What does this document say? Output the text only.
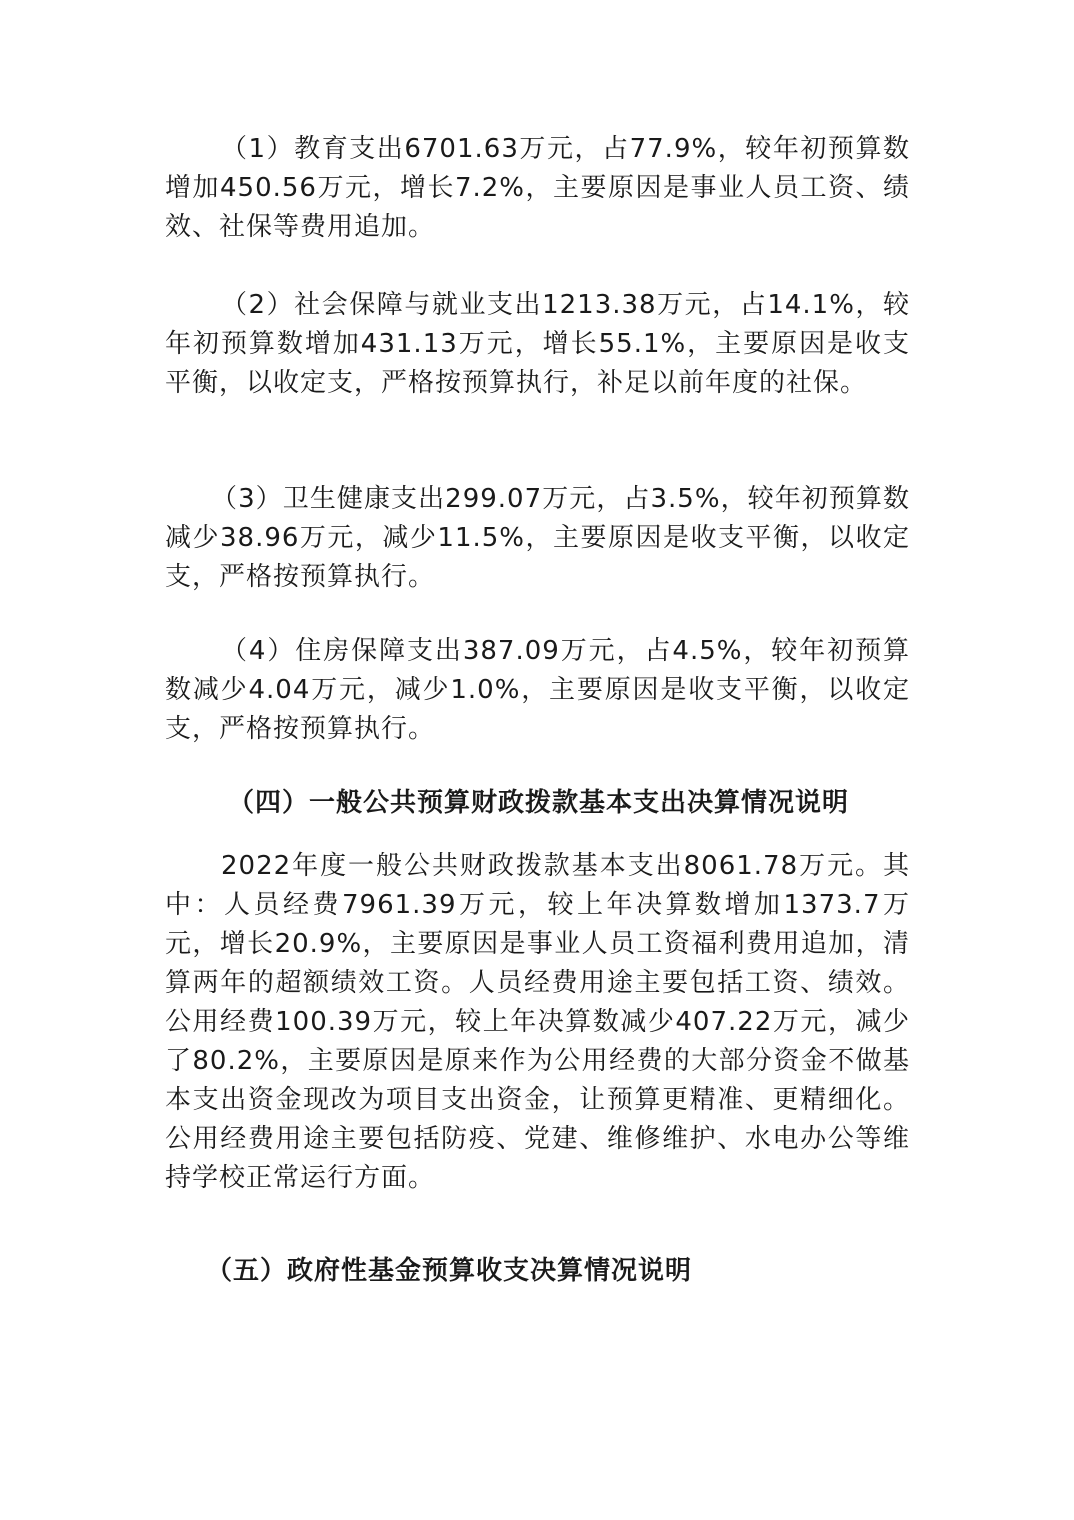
（1）教育支出6701.63万元，占77.9%，较年初预算数增加450.56万元，增长7.2%，主要原因是事业人员工资、绩效、社保等费用追加。

（2）社会保障与就业支出1213.38万元，占14.1%，较年初预算数增加431.13万元，增长55.1%，主要原因是收支平衡，以收定支，严格按预算执行，补足以前年度的社保。

（3）卫生健康支出299.07万元，占3.5%，较年初预算数减少38.96万元，减少11.5%，主要原因是收支平衡，以收定支，严格按预算执行。

（4）住房保障支出387.09万元，占4.5%，较年初预算数减少4.04万元，减少1.0%，主要原因是收支平衡，以收定支，严格按预算执行。

（四）一般公共预算财政拨款基本支出决算情况说明

2022年度一般公共财政拨款基本支出8061.78万元。其中：人员经费7961.39万元，较上年决算数增加1373.7万元，增长20.9%，主要原因是事业人员工资福利费用追加，清算两年的超额绩效工资。人员经费用途主要包括工资、绩效。公用经费100.39万元，较上年决算数减少407.22万元，减少了80.2%，主要原因是原来作为公用经费的大部分资金不做基本支出资金现改为项目支出资金，让预算更精准、更精细化。公用经费用途主要包括防疫、党建、维修维护、水电办公等维持学校正常运行方面。

（五）政府性基金预算收支决算情况说明
